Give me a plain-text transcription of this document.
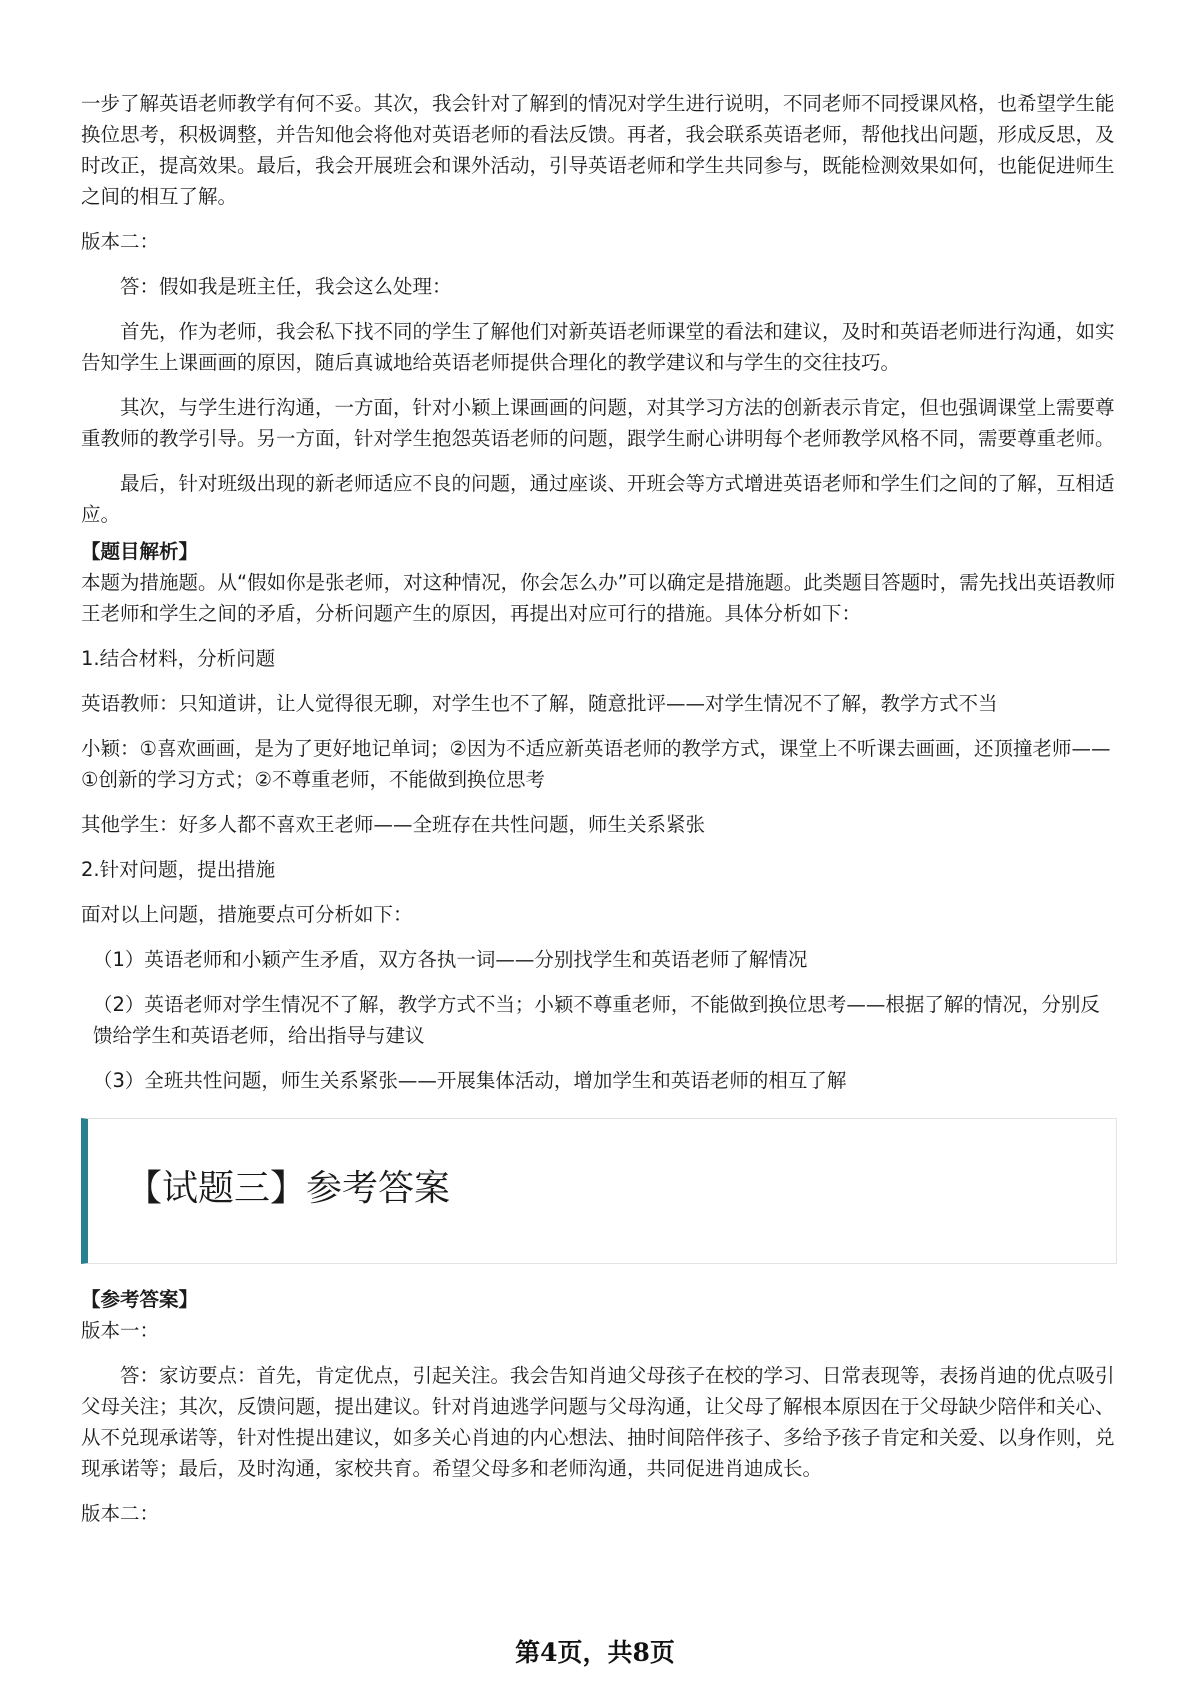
一步了解英语老师教学有何不妥。其次，我会针对了解到的情况对学生进行说明，不同老师不同授课风格，也希望学生能换位思考，积极调整，并告知他会将他对英语老师的看法反馈。再者，我会联系英语老师，帮他找出问题，形成反思，及时改正，提高效果。最后，我会开展班会和课外活动，引导英语老师和学生共同参与，既能检测效果如何，也能促进师生之间的相互了解。

版本二：

答：假如我是班主任，我会这么处理：

首先，作为老师，我会私下找不同的学生了解他们对新英语老师课堂的看法和建议，及时和英语老师进行沟通，如实告知学生上课画画的原因，随后真诚地给英语老师提供合理化的教学建议和与学生的交往技巧。

其次，与学生进行沟通，一方面，针对小颖上课画画的问题，对其学习方法的创新表示肯定，但也强调课堂上需要尊重教师的教学引导。另一方面，针对学生抱怨英语老师的问题，跟学生耐心讲明每个老师教学风格不同，需要尊重老师。

最后，针对班级出现的新老师适应不良的问题，通过座谈、开班会等方式增进英语老师和学生们之间的了解，互相适应。

【题目解析】

本题为措施题。从“假如你是张老师，对这种情况，你会怎么办”可以确定是措施题。此类题目答题时，需先找出英语教师王老师和学生之间的矛盾，分析问题产生的原因，再提出对应可行的措施。具体分析如下：

1.结合材料，分析问题

英语教师：只知道讲，让人觉得很无聊，对学生也不了解，随意批评——对学生情况不了解，教学方式不当

小颖：①喜欢画画，是为了更好地记单词；②因为不适应新英语老师的教学方式，课堂上不听课去画画，还顶撞老师——①创新的学习方式；②不尊重老师，不能做到换位思考

其他学生：好多人都不喜欢王老师——全班存在共性问题，师生关系紧张

2.针对问题，提出措施

面对以上问题，措施要点可分析如下：

（1）英语老师和小颖产生矛盾，双方各执一词——分别找学生和英语老师了解情况

（2）英语老师对学生情况不了解，教学方式不当；小颖不尊重老师，不能做到换位思考——根据了解的情况，分别反馈给学生和英语老师，给出指导与建议

（3）全班共性问题，师生关系紧张——开展集体活动，增加学生和英语老师的相互了解

【试题三】参考答案
【参考答案】

版本一：

答：家访要点：首先，肯定优点，引起关注。我会告知肖迪父母孩子在校的学习、日常表现等，表扬肖迪的优点吸引父母关注；其次，反馈问题，提出建议。针对肖迪逃学问题与父母沟通，让父母了解根本原因在于父母缺少陪伴和关心、从不兑现承诺等，针对性提出建议，如多关心肖迪的内心想法、抽时间陪伴孩子、多给予孩子肯定和关爱、以身作则，兑现承诺等；最后，及时沟通，家校共育。希望父母多和老师沟通，共同促进肖迪成长。

版本二：

第4页，共8页
